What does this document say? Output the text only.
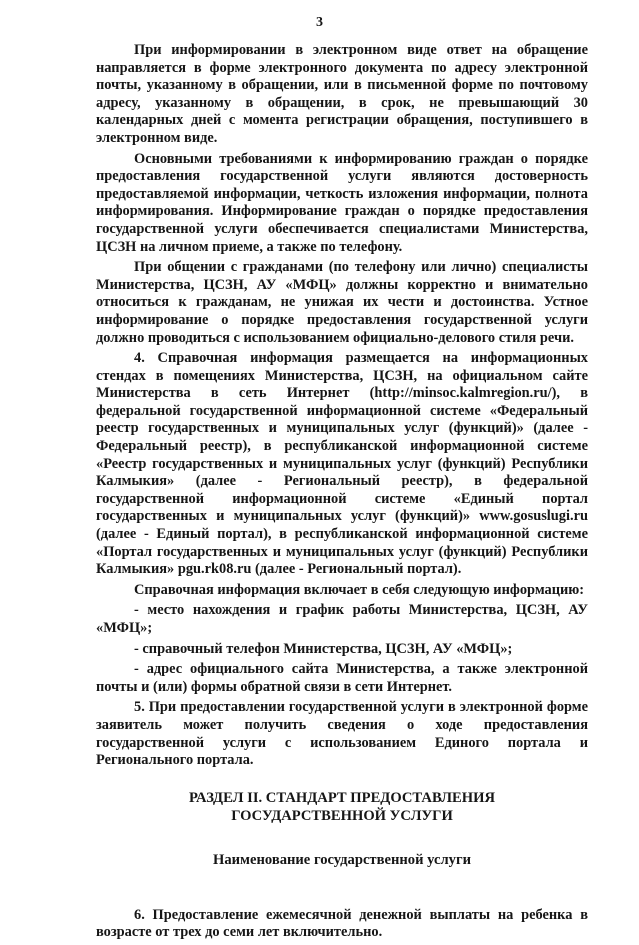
3

При информировании в электронном виде ответ на обращение направляется в форме электронного документа по адресу электронной почты, указанному в обращении, или в письменной форме по почтовому адресу, указанному в обращении, в срок, не превышающий 30 календарных дней с момента регистрации обращения, поступившего в электронном виде.

Основными требованиями к информированию граждан о порядке предоставления государственной услуги являются достоверность предоставляемой информации, четкость изложения информации, полнота информирования. Информирование граждан о порядке предоставления государственной услуги обеспечивается специалистами Министерства, ЦСЗН на личном приеме, а также по телефону.

При общении с гражданами (по телефону или лично) специалисты Министерства, ЦСЗН, АУ «МФЦ» должны корректно и внимательно относиться к гражданам, не унижая их чести и достоинства. Устное информирование о порядке предоставления государственной услуги должно проводиться с использованием официально-делового стиля речи.

4. Справочная информация размещается на информационных стендах в помещениях Министерства, ЦСЗН, на официальном сайте Министерства в сеть Интернет (http://minsoc.kalmregion.ru/), в федеральной государственной информационной системе «Федеральный реестр государственных и муниципальных услуг (функций)» (далее - Федеральный реестр), в республиканской информационной системе «Реестр государственных и муниципальных услуг (функций) Республики Калмыкия» (далее - Региональный реестр), в федеральной государственной информационной системе «Единый портал государственных и муниципальных услуг (функций)» www.gosuslugi.ru (далее - Единый портал), в республиканской информационной системе «Портал государственных и муниципальных услуг (функций) Республики Калмыкия» pgu.rk08.ru (далее - Региональный портал).

Справочная информация включает в себя следующую информацию:

- место нахождения и график работы Министерства, ЦСЗН, АУ «МФЦ»;

- справочный телефон Министерства, ЦСЗН, АУ «МФЦ»;

- адрес официального сайта Министерства, а также электронной почты и (или) формы обратной связи в сети Интернет.

5. При предоставлении государственной услуги в электронной форме заявитель может получить сведения о ходе предоставления государственной услуги с использованием Единого портала и Регионального портала.

РАЗДЕЛ II. СТАНДАРТ ПРЕДОСТАВЛЕНИЯ
ГОСУДАРСТВЕННОЙ УСЛУГИ
Наименование государственной услуги

6. Предоставление ежемесячной денежной выплаты на ребенка в возрасте от трех до семи лет включительно.
